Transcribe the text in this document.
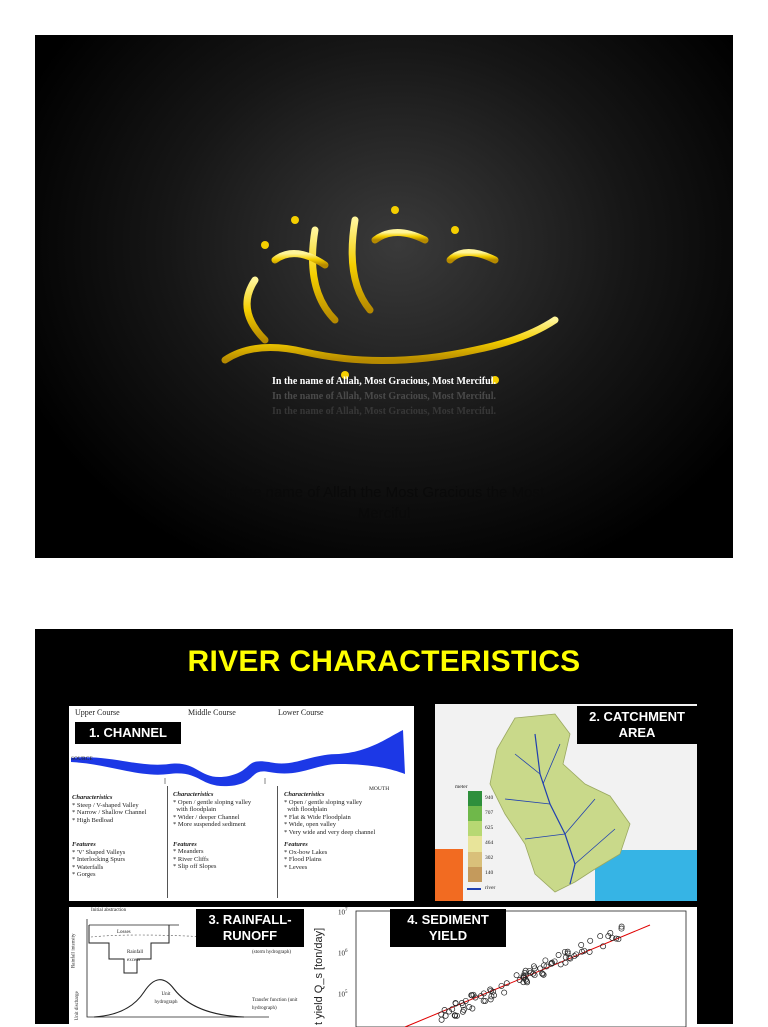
In the name of Allah, Most Gracious, Most Merciful.
In the name of Allah, Most Gracious, Most Merciful.
In the name of Allah, Most Gracious, Most Merciful.
In the name of Allah the Most Gracious the Most
Merciful
RIVER CHARACTERISTICS
Upper Course	Middle Course	Lower Course
1. CHANNEL
SOURCE
MOUTH
Characteristics
* Steep / V-shaped Valley
* Narrow / Shallow Channel
* High Bedload
Features
* 'V' Shaped Valleys
* Interlocking Spurs
* Waterfalls
* Gorges
Characteristics
* Open / gentle sloping valley
with floodplain
* Wider / deeper Channel
* More suspended sediment
Features
* Meanders
* River Cliffs
* Slip off Slopes
Characteristics
* Open / gentle sloping valley
with floodplain
* Flat & Wide Floodplain
* Wide, open valley
* Very wide and very deep channel
Features
* Ox-bow Lakes
* Flood Plains
* Levees
2. CATCHMENT
AREA
meter
940
707
625
464
302
140
river
Initial abstraction
Losses
Rainfall excess
(storm hydrograph)
Unit hydrograph	Transfer function (unit hydrograph)
Rainfall intensity
Unit discharge	t yield Q_s [ton/day]
$10^7$
$10^6$
$10^5$
4. SEDIMENT
YIELD
3. RAINFALL-
RUNOFF
